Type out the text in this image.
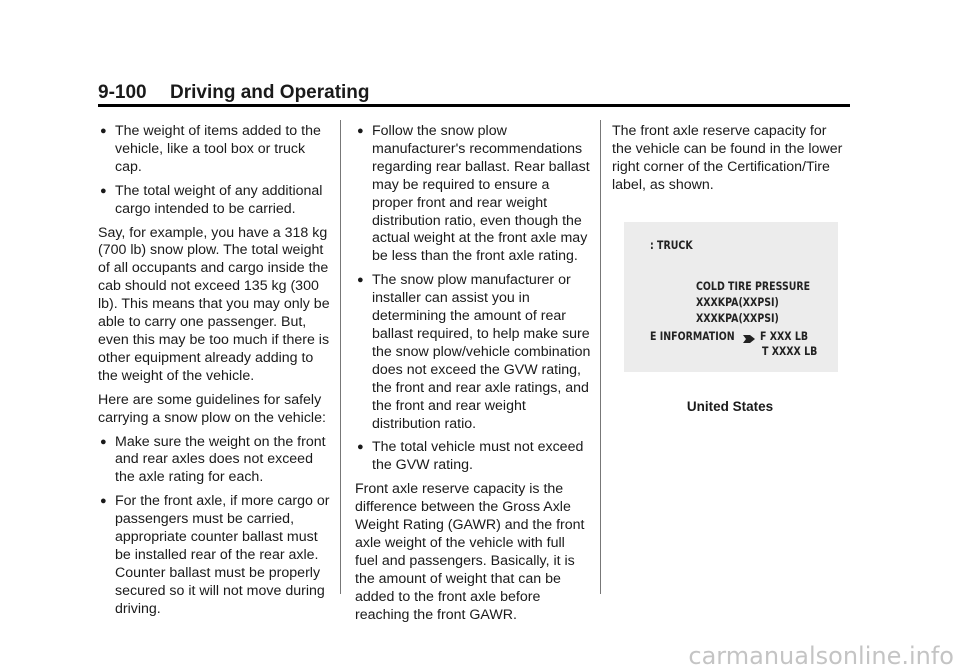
9-100 Driving and Operating
● The weight of items added to the vehicle, like a tool box or truck cap.
● The total weight of any additional cargo intended to be carried.

Say, for example, you have a 318 kg (700 lb) snow plow. The total weight of all occupants and cargo inside the cab should not exceed 135 kg (300 lb). This means that you may only be able to carry one passenger. But, even this may be too much if there is other equipment already adding to the weight of the vehicle.

Here are some guidelines for safely carrying a snow plow on the vehicle:

● Make sure the weight on the front and rear axles does not exceed the axle rating for each.
● For the front axle, if more cargo or passengers must be carried, appropriate counter ballast must be installed rear of the rear axle. Counter ballast must be properly secured so it will not move during driving.
● Follow the snow plow manufacturer's recommendations regarding rear ballast. Rear ballast may be required to ensure a proper front and rear weight distribution ratio, even though the actual weight at the front axle may be less than the front axle rating.
● The snow plow manufacturer or installer can assist you in determining the amount of rear ballast required, to help make sure the snow plow/vehicle combination does not exceed the GVW rating, the front and rear axle ratings, and the front and rear weight distribution ratio.
● The total vehicle must not exceed the GVW rating.

Front axle reserve capacity is the difference between the Gross Axle Weight Rating (GAWR) and the front axle weight of the vehicle with full fuel and passengers. Basically, it is the amount of weight that can be added to the front axle before reaching the front GAWR.

The front axle reserve capacity for the vehicle can be found in the lower right corner of the Certification/Tire label, as shown.

: TRUCK
COLD TIRE PRESSURE
XXXKPA(XXPSI)
XXXKPA(XXPSI)
E INFORMATION F XXX LB
T XXXX LB
United States
carmanualsonline.info
